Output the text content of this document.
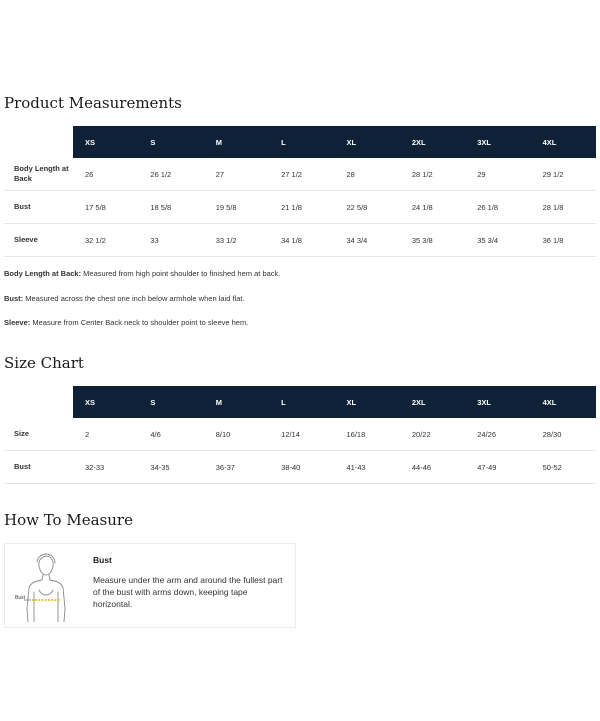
Product Measurements
	XS	S	M	L	XL	2XL	3XL	4XL
Body Length at Back	26	26 1/2	27	27 1/2	28	28 1/2	29	29 1/2
Bust	17 5/8	18 5/8	19 5/8	21 1/8	22 5/8	24 1/8	26 1/8	28 1/8
Sleeve	32 1/2	33	33 1/2	34 1/8	34 3/4	35 3/8	35 3/4	36 1/8

Body Length at Back: Measured from high point shoulder to finished hem at back.

Bust: Measured across the chest one inch below armhole when laid flat.

Sleeve: Measure from Center Back neck to shoulder point to sleeve hem.

Size Chart
	XS	S	M	L	XL	2XL	3XL	4XL
Size	2	4/6	8/10	12/14	16/18	20/22	24/26	28/30
Bust	32-33	34-35	36-37	38-40	41-43	44-46	47-49	50-52
How To Measure
Bust
Bust
Measure under the arm and around the fullest part of the bust with arms down, keeping tape horizontal.
